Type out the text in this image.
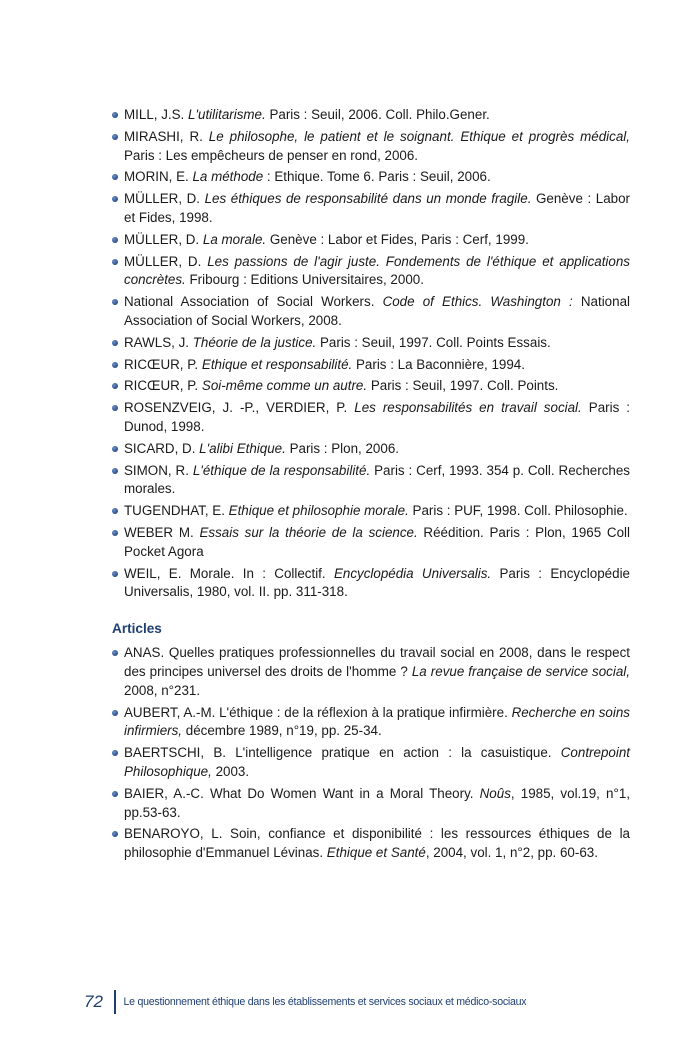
MILL, J.S. L'utilitarisme. Paris : Seuil, 2006. Coll. Philo.Gener.
MIRASHI, R. Le philosophe, le patient et le soignant. Ethique et progrès médical, Paris : Les empêcheurs de penser en rond, 2006.
MORIN, E. La méthode : Ethique. Tome 6. Paris : Seuil, 2006.
MÜLLER, D. Les éthiques de responsabilité dans un monde fragile. Genève : Labor et Fides, 1998.
MÜLLER, D. La morale. Genève : Labor et Fides, Paris : Cerf, 1999.
MÜLLER, D. Les passions de l'agir juste. Fondements de l'éthique et applications concrètes. Fribourg : Editions Universitaires, 2000.
National Association of Social Workers. Code of Ethics. Washington : National Association of Social Workers, 2008.
RAWLS, J. Théorie de la justice. Paris : Seuil, 1997. Coll. Points Essais.
RICŒUR, P. Ethique et responsabilité. Paris : La Baconnière, 1994.
RICŒUR, P. Soi-même comme un autre. Paris : Seuil, 1997. Coll. Points.
ROSENZVEIG, J. -P., VERDIER, P. Les responsabilités en travail social. Paris : Dunod, 1998.
SICARD, D. L'alibi Ethique. Paris : Plon, 2006.
SIMON, R. L'éthique de la responsabilité. Paris : Cerf, 1993. 354 p. Coll. Recherches morales.
TUGENDHAT, E. Ethique et philosophie morale. Paris : PUF, 1998. Coll. Philosophie.
WEBER M. Essais sur la théorie de la science. Réédition. Paris : Plon, 1965 Coll Pocket Agora
WEIL, E. Morale. In : Collectif. Encyclopédia Universalis. Paris : Encyclopédie Universalis, 1980, vol. II. pp. 311-318.
Articles
ANAS. Quelles pratiques professionnelles du travail social en 2008, dans le respect des principes universel des droits de l'homme ? La revue française de service social, 2008, n°231.
AUBERT, A.-M. L'éthique : de la réflexion à la pratique infirmière. Recherche en soins infirmiers, décembre 1989, n°19, pp. 25-34.
BAERTSCHI, B. L'intelligence pratique en action : la casuistique. Contrepoint Philosophique, 2003.
BAIER, A.-C. What Do Women Want in a Moral Theory. Noûs, 1985, vol.19, n°1, pp.53-63.
BENAROYO, L. Soin, confiance et disponibilité : les ressources éthiques de la philosophie d'Emmanuel Lévinas. Ethique et Santé, 2004, vol. 1, n°2, pp. 60-63.
72	Le questionnement éthique dans les établissements et services sociaux et médico-sociaux
